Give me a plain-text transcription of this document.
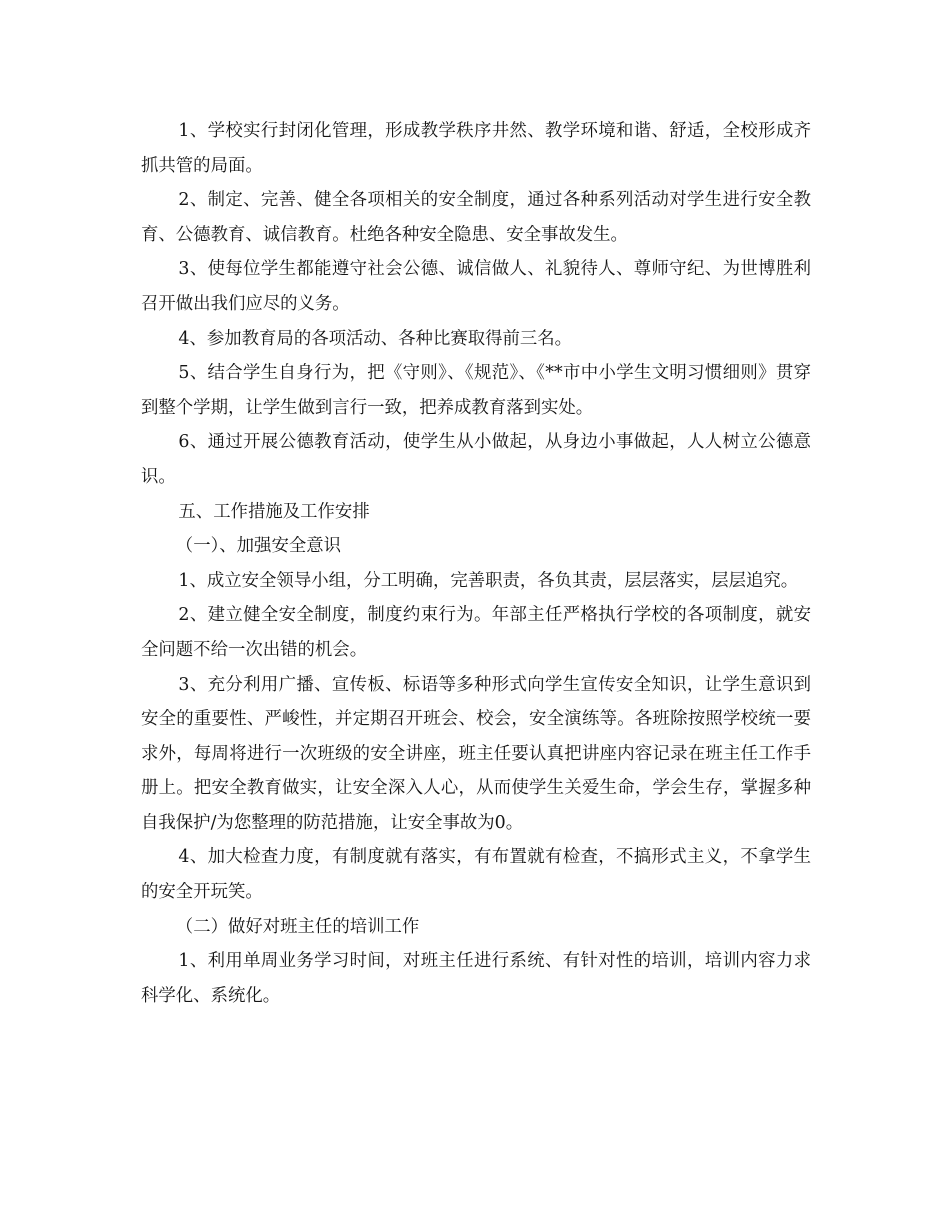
1、学校实行封闭化管理，形成教学秩序井然、教学环境和谐、舒适，全校形成齐抓共管的局面。

2、制定、完善、健全各项相关的安全制度，通过各种系列活动对学生进行安全教育、公德教育、诚信教育。杜绝各种安全隐患、安全事故发生。

3、使每位学生都能遵守社会公德、诚信做人、礼貌待人、尊师守纪、为世博胜利召开做出我们应尽的义务。

4、参加教育局的各项活动、各种比赛取得前三名。

5、结合学生自身行为，把《守则》、《规范》、《**市中小学生文明习惯细则》贯穿到整个学期，让学生做到言行一致，把养成教育落到实处。

6、通过开展公德教育活动，使学生从小做起，从身边小事做起，人人树立公德意识。

五、工作措施及工作安排

（一）、加强安全意识

1、成立安全领导小组，分工明确，完善职责，各负其责，层层落实，层层追究。

2、建立健全安全制度，制度约束行为。年部主任严格执行学校的各项制度，就安全问题不给一次出错的机会。

3、充分利用广播、宣传板、标语等多种形式向学生宣传安全知识，让学生意识到安全的重要性、严峻性，并定期召开班会、校会，安全演练等。各班除按照学校统一要求外，每周将进行一次班级的安全讲座，班主任要认真把讲座内容记录在班主任工作手册上。把安全教育做实，让安全深入人心，从而使学生关爱生命，学会生存，掌握多种自我保护/为您整理的防范措施，让安全事故为0。

4、加大检查力度，有制度就有落实，有布置就有检查，不搞形式主义，不拿学生的安全开玩笑。

（二）做好对班主任的培训工作

1、利用单周业务学习时间，对班主任进行系统、有针对性的培训，培训内容力求科学化、系统化。
